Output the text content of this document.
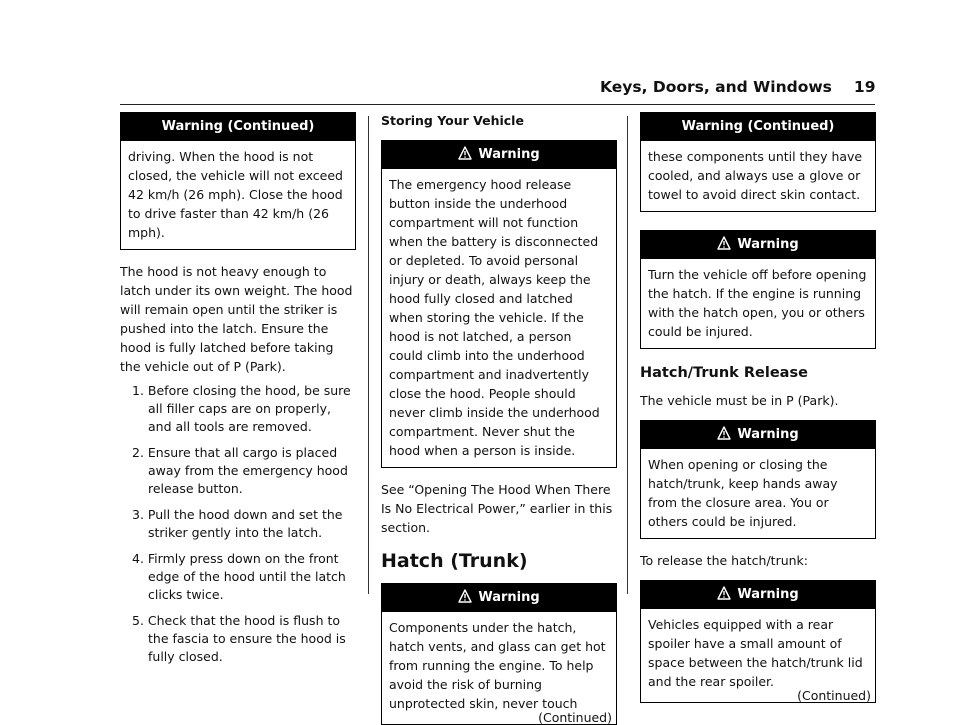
Keys, Doors, and Windows 19
Warning (Continued)
driving. When the hood is not closed, the vehicle will not exceed 42 km/h (26 mph). Close the hood to drive faster than 42 km/h (26 mph).

The hood is not heavy enough to latch under its own weight. The hood will remain open until the striker is pushed into the latch. Ensure the hood is fully latched before taking the vehicle out of P (Park).

1. Before closing the hood, be sure all filler caps are on properly, and all tools are removed.
2. Ensure that all cargo is placed away from the emergency hood release button.
3. Pull the hood down and set the striker gently into the latch.
4. Firmly press down on the front edge of the hood until the latch clicks twice.
5. Check that the hood is flush to the fascia to ensure the hood is fully closed.

Storing Your Vehicle

Warning
The emergency hood release button inside the underhood compartment will not function when the battery is disconnected or depleted. To avoid personal injury or death, always keep the hood fully closed and latched when storing the vehicle. If the hood is not latched, a person could climb into the underhood compartment and inadvertently close the hood. People should never climb inside the underhood compartment. Never shut the hood when a person is inside.

See “Opening The Hood When There Is No Electrical Power,” earlier in this section.

Hatch (Trunk)
Warning
Components under the hatch, hatch vents, and glass can get hot from running the engine. To help avoid the risk of burning unprotected skin, never touch
(Continued)
Warning (Continued)
these components until they have cooled, and always use a glove or towel to avoid direct skin contact.
Warning
Turn the vehicle off before opening the hatch. If the engine is running with the hatch open, you or others could be injured.
Hatch/Trunk Release

The vehicle must be in P (Park).

Warning
When opening or closing the hatch/trunk, keep hands away from the closure area. You or others could be injured.

To release the hatch/trunk:

Warning
Vehicles equipped with a rear spoiler have a small amount of space between the hatch/trunk lid and the rear spoiler.
(Continued)
